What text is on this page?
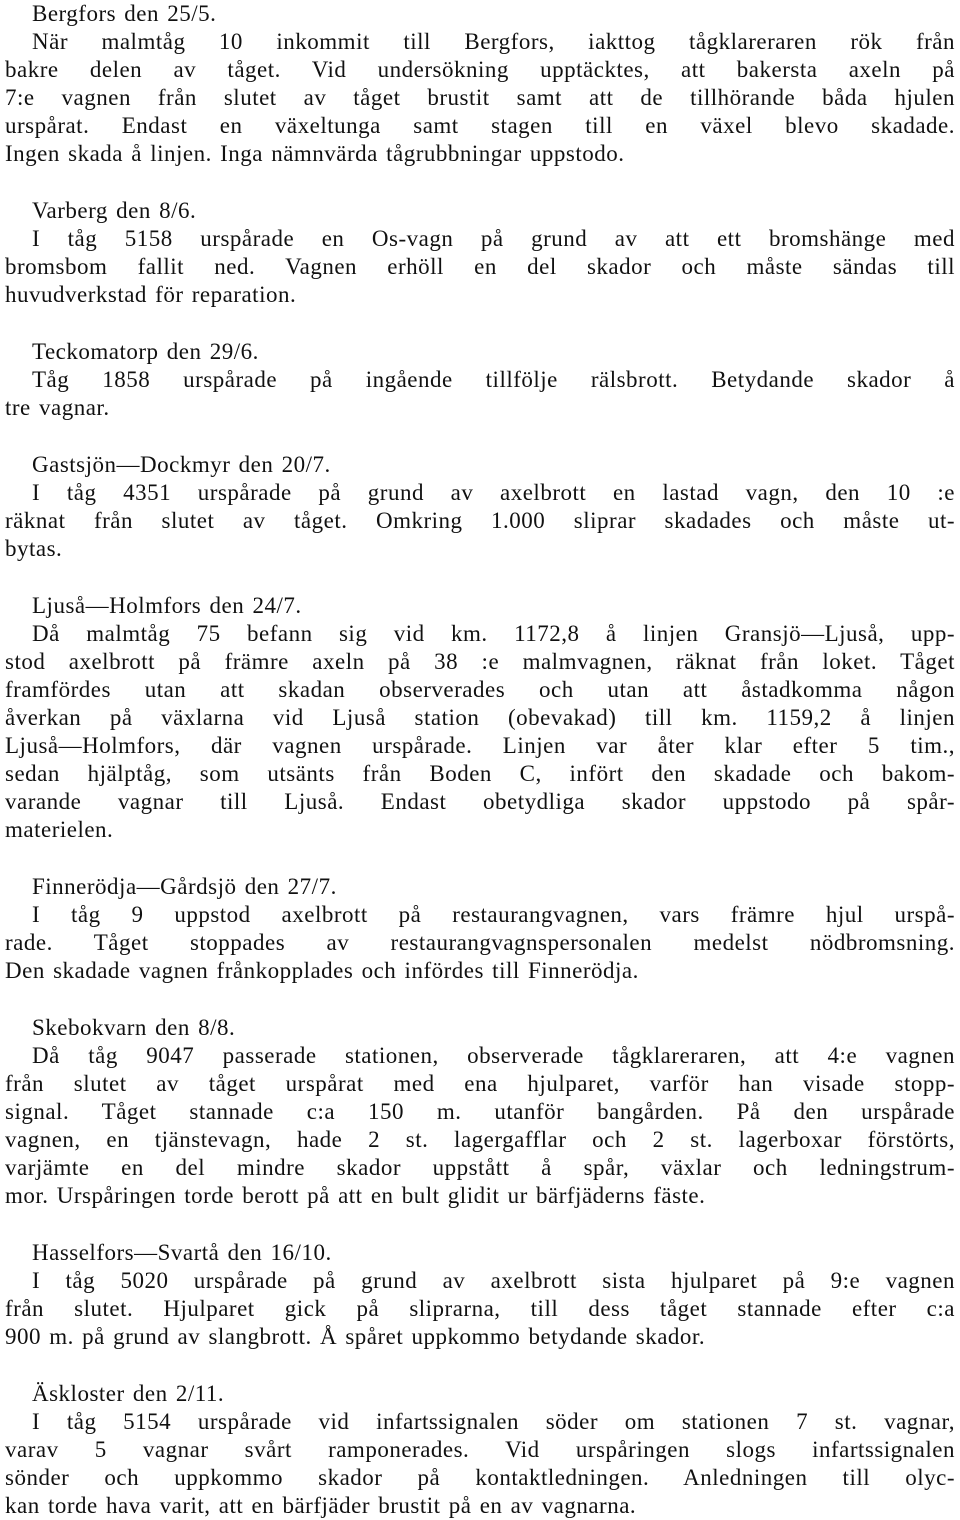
Bergfors den 25/5.
När malmtåg 10 inkommit till Bergfors, iakttog tågklareraren rök från
bakre delen av tåget. Vid undersökning upptäcktes, att bakersta axeln på
7:e vagnen från slutet av tåget brustit samt att de tillhörande båda hjulen
urspårat. Endast en växeltunga samt stagen till en växel blevo skadade.
Ingen skada å linjen. Inga nämnvärda tågrubbningar uppstodo.
Varberg den 8/6.
I tåg 5158 urspårade en Os-vagn på grund av att ett bromshänge med
bromsbom fallit ned. Vagnen erhöll en del skador och måste sändas till
huvudverkstad för reparation.
Teckomatorp den 29/6.
Tåg 1858 urspårade på ingående tillfölje rälsbrott. Betydande skador å
tre vagnar.
Gastsjön—Dockmyr den 20/7.
I tåg 4351 urspårade på grund av axelbrott en lastad vagn, den 10 :e
räknat från slutet av tåget. Omkring 1.000 sliprar skadades och måste ut-
bytas.
Ljuså—Holmfors den 24/7.
Då malmtåg 75 befann sig vid km. 1172,8 å linjen Gransjö—Ljuså, upp-
stod axelbrott på främre axeln på 38 :e malmvagnen, räknat från loket. Tåget
framfördes utan att skadan observerades och utan att åstadkomma någon
åverkan på växlarna vid Ljuså station (obevakad) till km. 1159,2 å linjen
Ljuså—Holmfors, där vagnen urspårade. Linjen var åter klar efter 5 tim.,
sedan hjälptåg, som utsänts från Boden C, infört den skadade och bakom-
varande vagnar till Ljuså. Endast obetydliga skador uppstodo på spår-
materielen.
Finnerödja—Gårdsjö den 27/7.
I tåg 9 uppstod axelbrott på restaurangvagnen, vars främre hjul urspå-
rade. Tåget stoppades av restaurangvagnspersonalen medelst nödbromsning.
Den skadade vagnen frånkopplades och infördes till Finnerödja.
Skebokvarn den 8/8.
Då tåg 9047 passerade stationen, observerade tågklareraren, att 4:e vagnen
från slutet av tåget urspårat med ena hjulparet, varför han visade stopp-
signal. Tåget stannade c:a 150 m. utanför bangården. På den urspårade
vagnen, en tjänstevagn, hade 2 st. lagergafflar och 2 st. lagerboxar förstörts,
varjämte en del mindre skador uppstått å spår, växlar och ledningstrum-
mor. Urspåringen torde berott på att en bult glidit ur bärfjäderns fäste.
Hasselfors—Svartå den 16/10.
I tåg 5020 urspårade på grund av axelbrott sista hjulparet på 9:e vagnen
från slutet. Hjulparet gick på sliprarna, till dess tåget stannade efter c:a
900 m. på grund av slangbrott. Å spåret uppkommo betydande skador.
Äskloster den 2/11.
I tåg 5154 urspårade vid infartssignalen söder om stationen 7 st. vagnar,
varav 5 vagnar svårt ramponerades. Vid urspåringen slogs infartssignalen
sönder och uppkommo skador på kontaktledningen. Anledningen till olyc-
kan torde hava varit, att en bärfjäder brustit på en av vagnarna.
